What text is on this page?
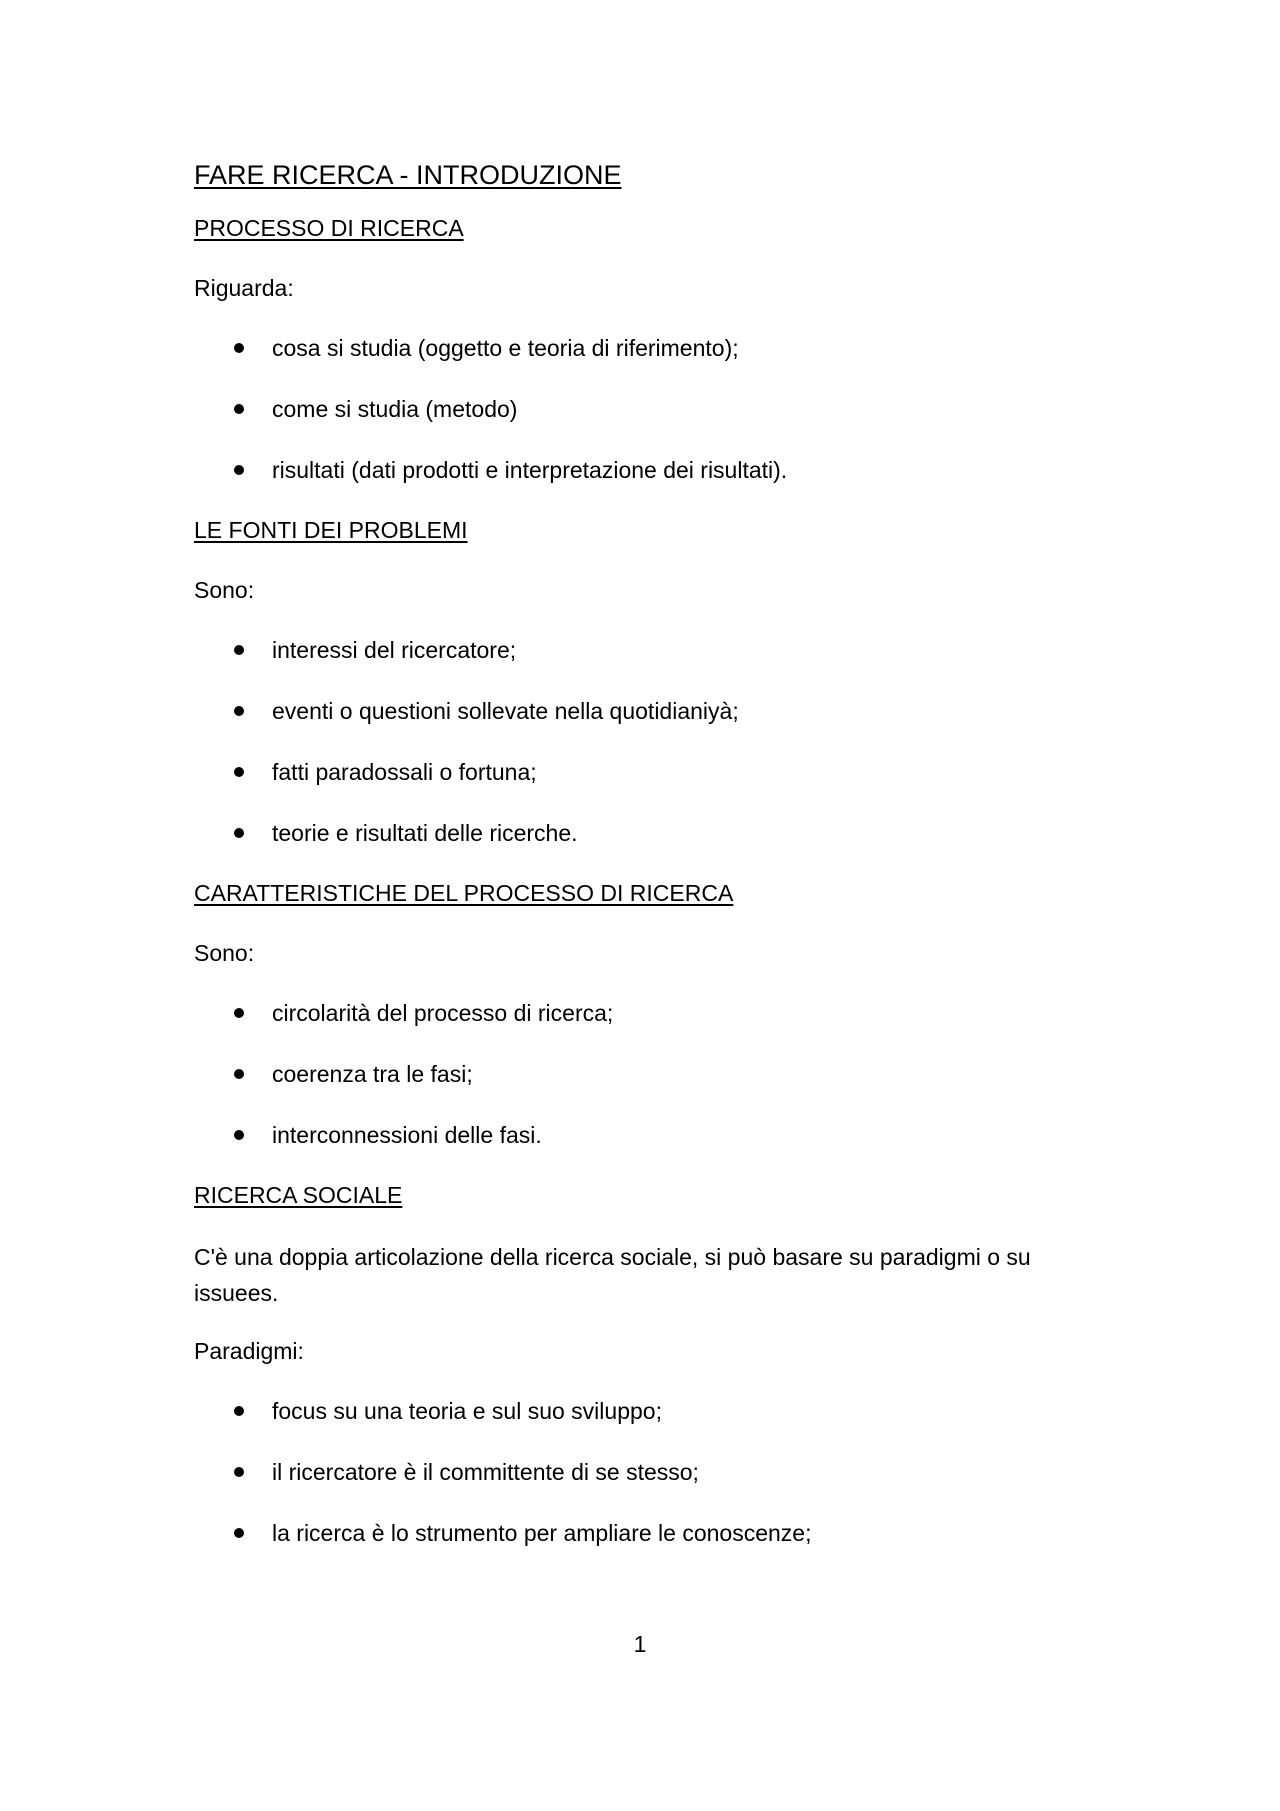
FARE RICERCA - INTRODUZIONE
PROCESSO DI RICERCA
Riguarda:
cosa si studia (oggetto e teoria di riferimento);
come si studia (metodo)
risultati (dati prodotti e interpretazione dei risultati).
LE FONTI DEI PROBLEMI
Sono:
interessi del ricercatore;
eventi o questioni sollevate nella quotidianiyà;
fatti paradossali o fortuna;
teorie e risultati delle ricerche.
CARATTERISTICHE DEL PROCESSO DI RICERCA
Sono:
circolarità del processo di ricerca;
coerenza tra le fasi;
interconnessioni delle fasi.
RICERCA SOCIALE
C'è una doppia articolazione della ricerca sociale, si può basare su paradigmi o su issuees.
Paradigmi:
focus su una teoria e sul suo sviluppo;
il ricercatore è il committente di se stesso;
la ricerca è lo strumento per ampliare le conoscenze;
1
